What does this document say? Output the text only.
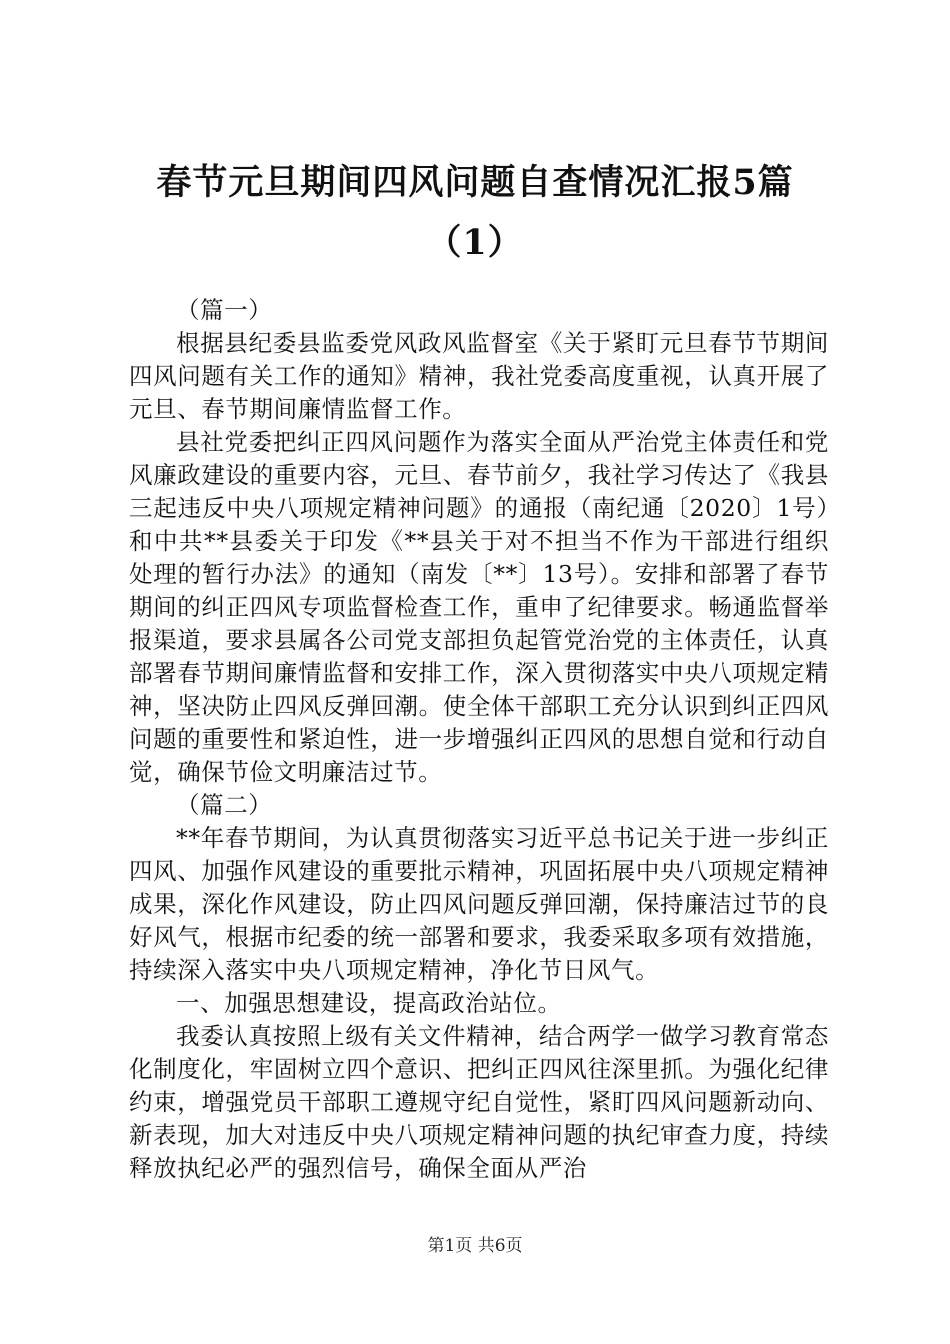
春节元旦期间四风问题自查情况汇报5篇
（1）

（篇一）

根据县纪委县监委党风政风监督室《关于紧盯元旦春节节期间四风问题有关工作的通知》精神，我社党委高度重视，认真开展了元旦、春节期间廉情监督工作。

县社党委把纠正四风问题作为落实全面从严治党主体责任和党风廉政建设的重要内容，元旦、春节前夕，我社学习传达了《我县三起违反中央八项规定精神问题》的通报（南纪通〔2020〕1号）和中共**县委关于印发《**县关于对不担当不作为干部进行组织处理的暂行办法》的通知（南发〔**〕13号）。安排和部署了春节期间的纠正四风专项监督检查工作，重申了纪律要求。畅通监督举报渠道，要求县属各公司党支部担负起管党治党的主体责任，认真部署春节期间廉情监督和安排工作，深入贯彻落实中央八项规定精神，坚决防止四风反弹回潮。使全体干部职工充分认识到纠正四风问题的重要性和紧迫性，进一步增强纠正四风的思想自觉和行动自觉，确保节俭文明廉洁过节。

（篇二）

**年春节期间，为认真贯彻落实习近平总书记关于进一步纠正四风、加强作风建设的重要批示精神，巩固拓展中央八项规定精神成果，深化作风建设，防止四风问题反弹回潮，保持廉洁过节的良好风气，根据市纪委的统一部署和要求，我委采取多项有效措施，持续深入落实中央八项规定精神，净化节日风气。

一、加强思想建设，提高政治站位。

我委认真按照上级有关文件精神，结合两学一做学习教育常态化制度化，牢固树立四个意识、把纠正四风往深里抓。为强化纪律约束，增强党员干部职工遵规守纪自觉性，紧盯四风问题新动向、新表现，加大对违反中央八项规定精神问题的执纪审查力度，持续释放执纪必严的强烈信号，确保全面从严治

第1页 共6页
